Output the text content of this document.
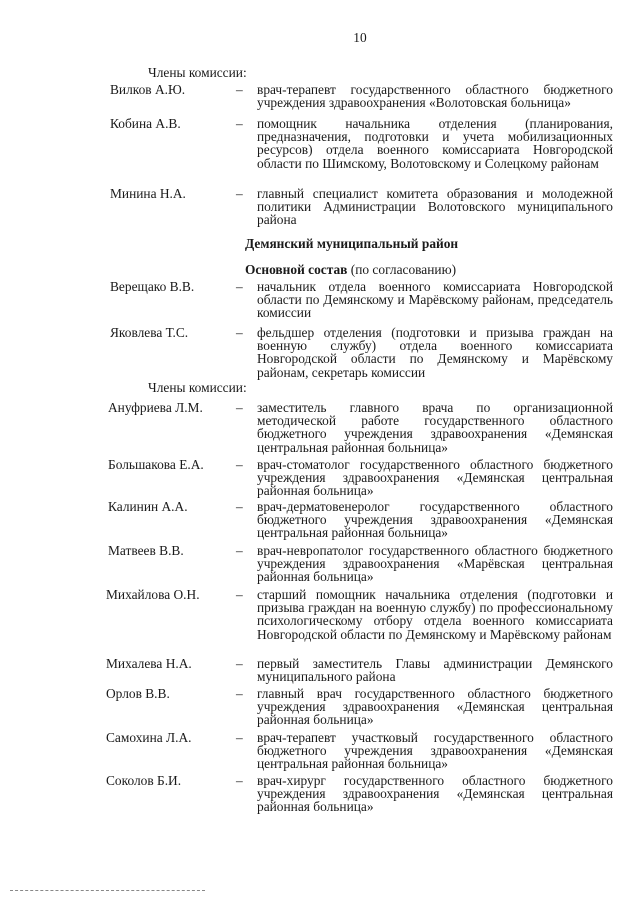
10
Члены комиссии:
Вилков А.Ю.	– врач-терапевт государственного областного бюджетного учреждения здравоохранения «Волотовская больница»
Кобина А.В.	– помощник начальника отделения (планирования, предназначения, подготовки и учета мобилизационных ресурсов) отдела военного комиссариата Новгородской области по Шимскому, Волотовскому и Солецкому районам
Минина Н.А.	– главный специалист комитета образования и молодежной политики Администрации Волотовского муниципального района
Демянский муниципальный район
Основной состав (по согласованию)
Верещако В.В.	– начальник отдела военного комиссариата Новгородской области по Демянскому и Марёвскому районам, председатель комиссии
Яковлева Т.С.	– фельдшер отделения (подготовки и призыва граждан на военную службу) отдела военного комиссариата Новгородской области по Демянскому и Марёвскому районам, секретарь комиссии
Члены комиссии:
Ануфриева Л.М. – заместитель главного врача по организационной методической работе государственного областного бюджетного учреждения здравоохранения «Демянская центральная районная больница»
Большакова Е.А. – врач-стоматолог государственного областного бюджетного учреждения здравоохранения «Демянская центральная районная больница»
Калинин А.А.	– врач-дерматовенеролог государственного областного бюджетного учреждения здравоохранения «Демянская центральная районная больница»
Матвеев В.В.	– врач-невропатолог государственного областного бюджетного учреждения здравоохранения «Марёвская центральная районная больница»
Михайлова О.Н.	– старший помощник начальника отделения (подготовки и призыва граждан на военную службу) по профессиональному психологическому отбору отдела военного комиссариата Новгородской области по Демянскому и Марёвскому районам
Михалева Н.А.	– первый заместитель Главы администрации Демянского муниципального района
Орлов В.В.	– главный врач государственного областного бюджетного учреждения здравоохранения «Демянская центральная районная больница»
Самохина Л.А.	– врач-терапевт участковый государственного областного бюджетного учреждения здравоохранения «Демянская центральная районная больница»
Соколов Б.И.	– врач-хирург государственного областного бюджетного учреждения здравоохранения «Демянская центральная районная больница»
